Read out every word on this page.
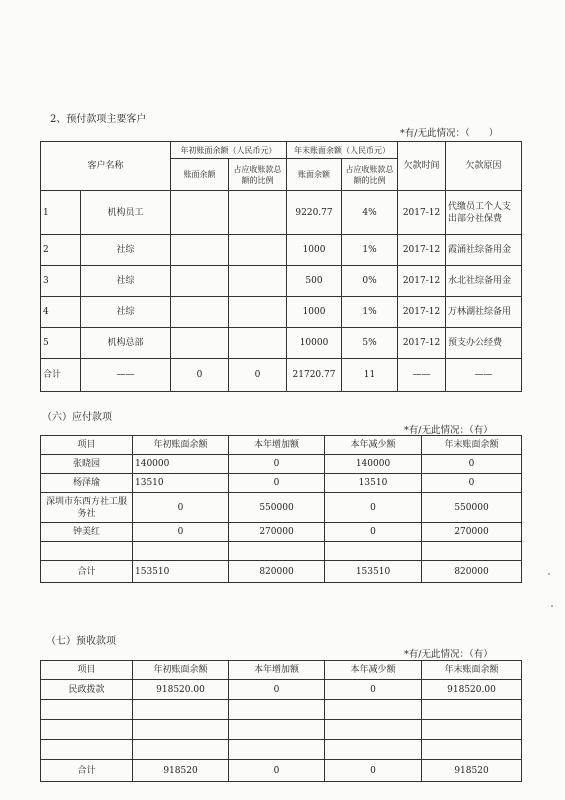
2、预付款项主要客户
*有/无此情况：（　　）
客户名称		年初账面余额（人民币元）		年末账面余额（人民币元）		欠款时间	欠款原因
		账面余额	占应收账款总额的比例	账面余额	占应收账款总额的比例		
1	机构员工			9220.77	4%	2017-12	代缴员工个人支出部分社保费
2	社综			1000	1%	2017-12	霞涌社综备用金
3	社综			500	0%	2017-12	水北社综备用金
4	社综			1000	1%	2017-12	万林湖社综备用
5	机构总部			10000	5%	2017-12	预支办公经费
合计	——	0	0	21720.77	11	——	——
（六）应付款项
*有/无此情况：（有）
项目	年初账面余额	本年增加额	本年减少额	年末账面余额
张晓园	140000	0	140000	0
杨泽瑜	13510	0	13510	0
深圳市东西方社工服务社	0	550000	0	550000
钟美红	0	270000	0	270000

合计	153510	820000	153510	820000
（七）预收款项
*有/无此情况：（有）
项目	年初账面余额	本年增加额	本年减少额	年末账面余额
民政拨款	918520.00	0	0	918520.00

合计	918520	0	0	918520
